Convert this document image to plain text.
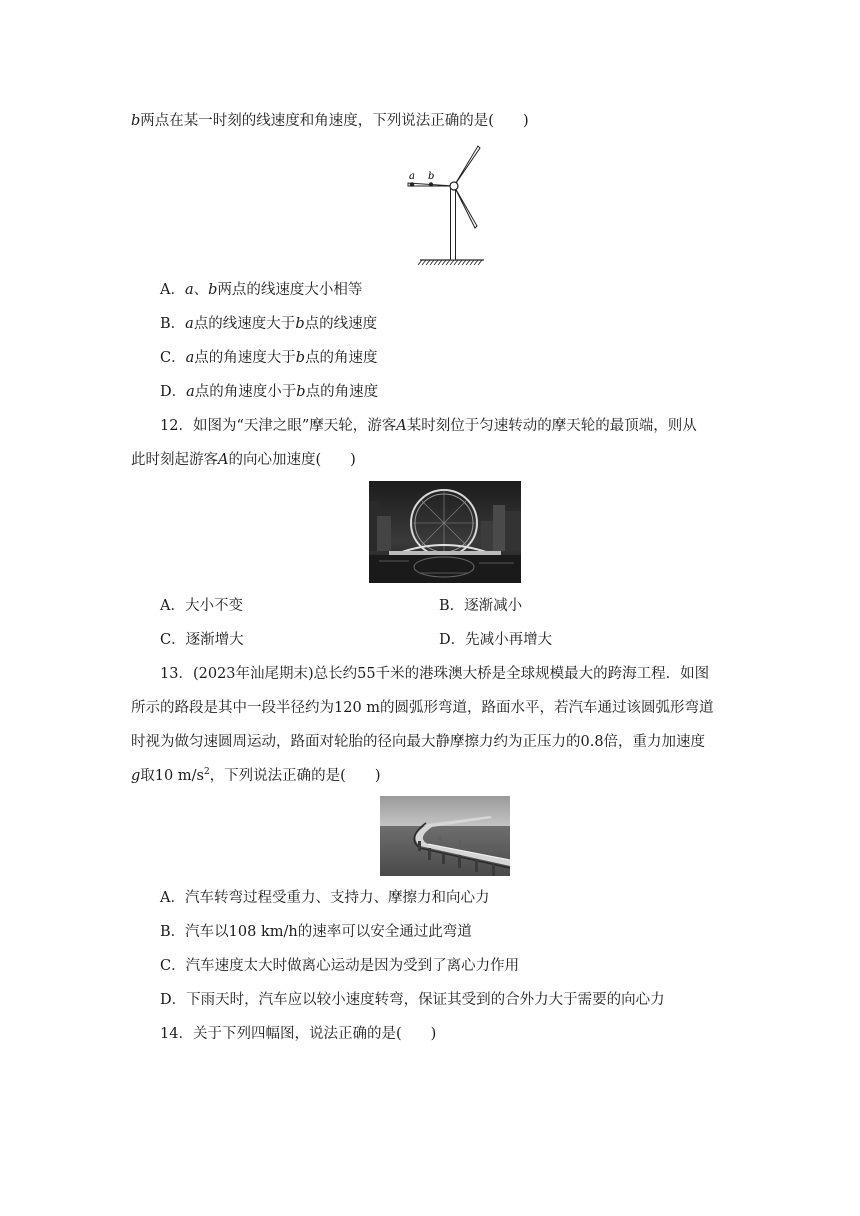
b两点在某一时刻的线速度和角速度，下列说法正确的是(　　)
a b
A．a、b两点的线速度大小相等
B．a点的线速度大于b点的线速度
C．a点的角速度大于b点的角速度
D．a点的角速度小于b点的角速度
12．如图为“天津之眼”摩天轮，游客A某时刻位于匀速转动的摩天轮的最顶端，则从
此时刻起游客A的向心加速度(　　)
A．大小不变	B．逐渐减小
C．逐渐增大	D．先减小再增大
13．(2023年汕尾期末)总长约55千米的港珠澳大桥是全球规模最大的跨海工程．如图
所示的路段是其中一段半径约为120 m的圆弧形弯道，路面水平，若汽车通过该圆弧形弯道
时视为做匀速圆周运动，路面对轮胎的径向最大静摩擦力约为正压力的0.8倍，重力加速度
g取10 $m/s^2$，下列说法正确的是(　　)
A．汽车转弯过程受重力、支持力、摩擦力和向心力
B．汽车以108 km/h的速率可以安全通过此弯道
C．汽车速度太大时做离心运动是因为受到了离心力作用
D．下雨天时，汽车应以较小速度转弯，保证其受到的合外力大于需要的向心力
14．关于下列四幅图，说法正确的是(　　)
